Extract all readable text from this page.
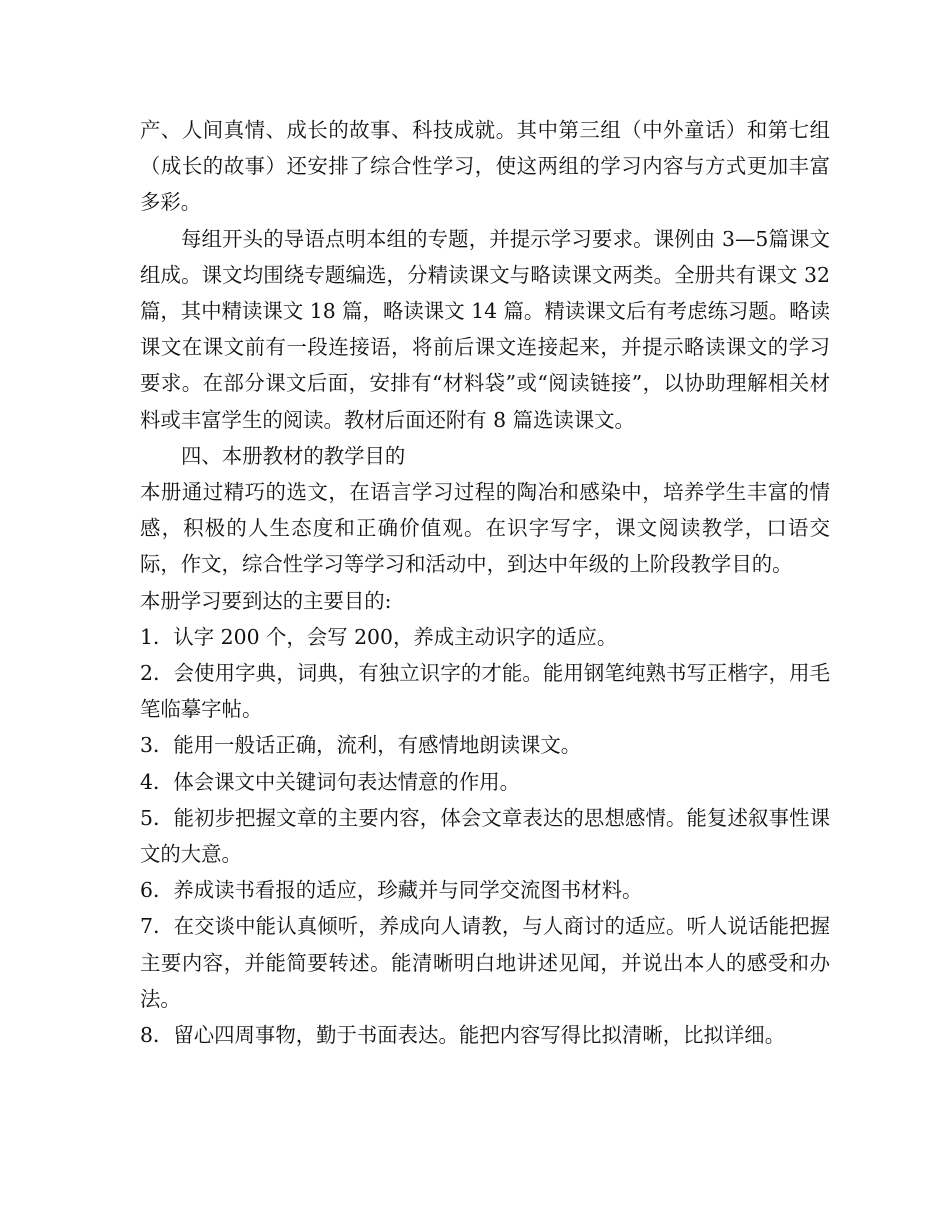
产、人间真情、成长的故事、科技成就。其中第三组（中外童话）和第七组（成长的故事）还安排了综合性学习，使这两组的学习内容与方式更加丰富多彩。

每组开头的导语点明本组的专题，并提示学习要求。课例由 3—5篇课文组成。课文均围绕专题编选，分精读课文与略读课文两类。全册共有课文 32 篇，其中精读课文 18 篇，略读课文 14 篇。精读课文后有考虑练习题。略读课文在课文前有一段连接语，将前后课文连接起来，并提示略读课文的学习要求。在部分课文后面，安排有“材料袋”或“阅读链接”，以协助理解相关材料或丰富学生的阅读。教材后面还附有 8 篇选读课文。

四、本册教材的教学目的

本册通过精巧的选文，在语言学习过程的陶冶和感染中，培养学生丰富的情感，积极的人生态度和正确价值观。在识字写字，课文阅读教学，口语交际，作文，综合性学习等学习和活动中，到达中年级的上阶段教学目的。

本册学习要到达的主要目的:

1．认字 200 个，会写 200，养成主动识字的适应。

2．会使用字典，词典，有独立识字的才能。能用钢笔纯熟书写正楷字，用毛笔临摹字帖。

3．能用一般话正确，流利，有感情地朗读课文。

4．体会课文中关键词句表达情意的作用。

5．能初步把握文章的主要内容，体会文章表达的思想感情。能复述叙事性课文的大意。

6．养成读书看报的适应，珍藏并与同学交流图书材料。

7．在交谈中能认真倾听，养成向人请教，与人商讨的适应。听人说话能把握主要内容，并能简要转述。能清晰明白地讲述见闻，并说出本人的感受和办法。

8．留心四周事物，勤于书面表达。能把内容写得比拟清晰，比拟详细。
